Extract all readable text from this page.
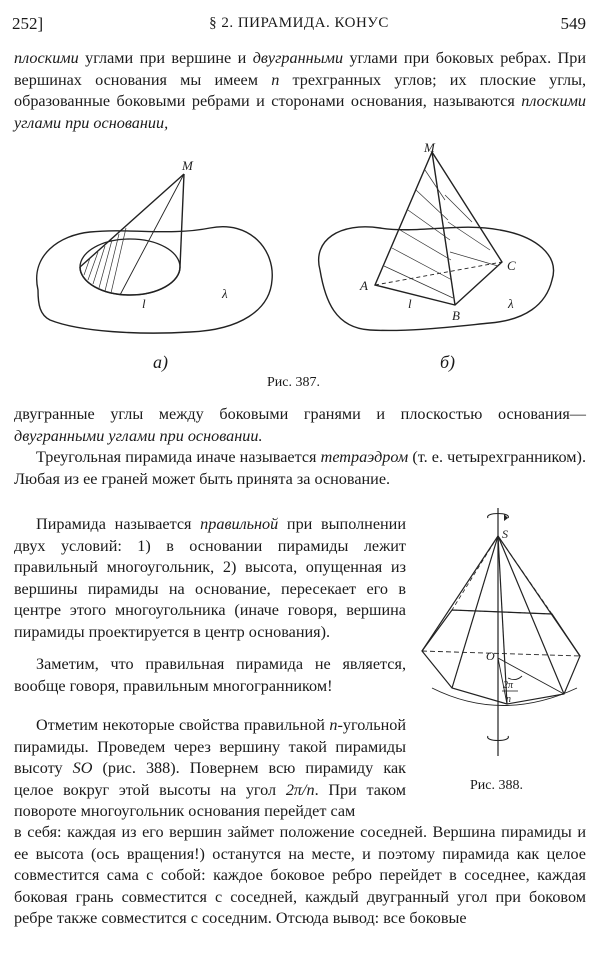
252]	§ 2. ПИРАМИДА. КОНУС	549

плоскими углами при вершине и двугранными углами при боковых ребрах. При вершинах основания мы имеем n трехгранных углов; их плоские углы, образованные боковыми ребрами и сторонами основания, называются плоскими углами при основании,

M
l
λ
M
A
B
C
l	λ
а)	б)
Рис. 387.

двугранные углы между боковыми гранями и плоскостью основания—двугранными углами при основании.

Треугольная пирамида иначе называется тетраэдром (т. е. четырехгранником). Любая из ее граней может быть принята за основание.

Пирамида называется правильной при выполнении двух условий: 1) в основании пирамиды лежит правильный многоугольник, 2) высота, опущенная из вершины пирамиды на основание, пересекает его в центре этого многоугольника (иначе говоря, вершина пирамиды проектируется в центр основания).

Заметим, что правильная пирамида не является, вообще говоря, правильным многогранником!

Отметим некоторые свойства правильной n-угольной пирамиды. Проведем через вершину такой пирамиды высоту SO (рис. 388). Повернем всю пирамиду как целое вокруг этой высоты на угол 2π/n. При таком повороте многоугольник основания перейдет сам

S
O
2π
n
Рис. 388.

в себя: каждая из его вершин займет положение соседней. Вершина пирамиды и ее высота (ось вращения!) останутся на месте, и поэтому пирамида как целое совместится сама с собой: каждое боковое ребро перейдет в соседнее, каждая боковая грань совместится с соседней, каждый двугранный угол при боковом ребре также совместится с соседним. Отсюда вывод: все боковые
